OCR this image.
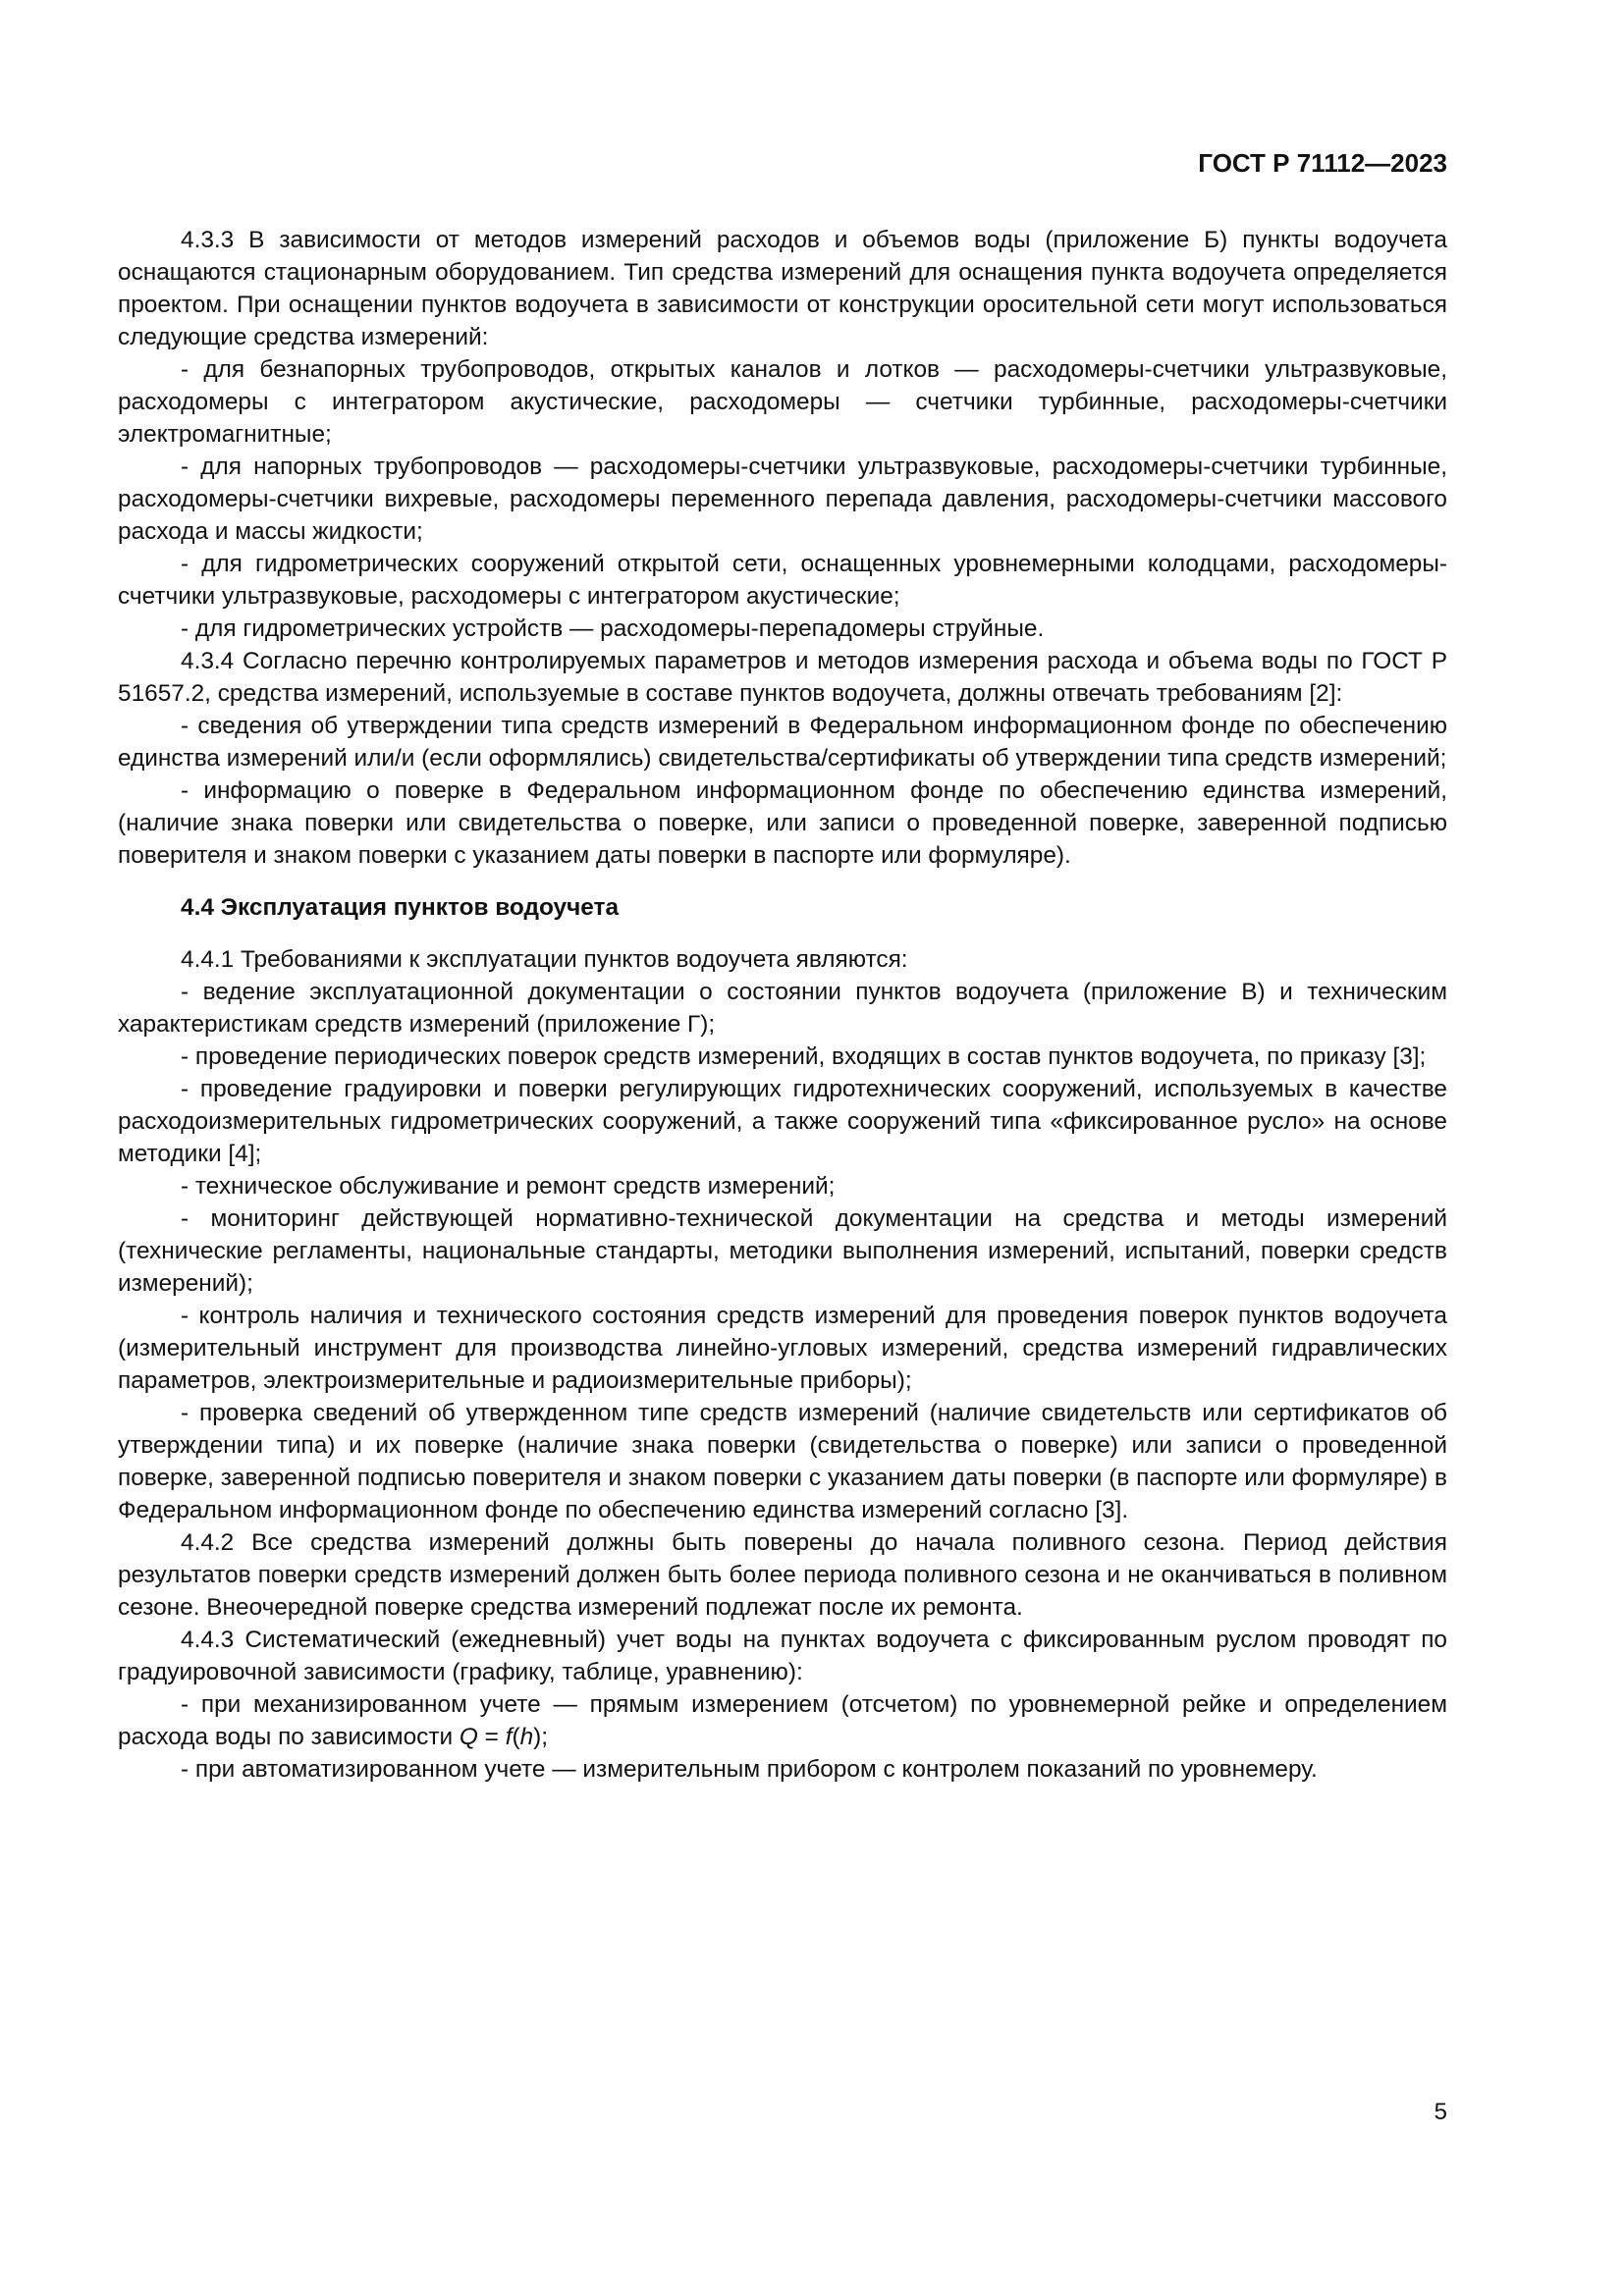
ГОСТ Р 71112—2023

4.3.3 В зависимости от методов измерений расходов и объемов воды (приложение Б) пункты водоучета оснащаются стационарным оборудованием. Тип средства измерений для оснащения пункта водоучета определяется проектом. При оснащении пунктов водоучета в зависимости от конструкции оросительной сети могут использоваться следующие средства измерений:

- для безнапорных трубопроводов, открытых каналов и лотков — расходомеры-счетчики ультразвуковые, расходомеры с интегратором акустические, расходомеры — счетчики турбинные, расходомеры-счетчики электромагнитные;

- для напорных трубопроводов — расходомеры-счетчики ультразвуковые, расходомеры-счетчики турбинные, расходомеры-счетчики вихревые, расходомеры переменного перепада давления, расходомеры-счетчики массового расхода и массы жидкости;

- для гидрометрических сооружений открытой сети, оснащенных уровнемерными колодцами, расходомеры-счетчики ультразвуковые, расходомеры с интегратором акустические;

- для гидрометрических устройств — расходомеры-перепадомеры струйные.

4.3.4 Согласно перечню контролируемых параметров и методов измерения расхода и объема воды по ГОСТ Р 51657.2, средства измерений, используемые в составе пунктов водоучета, должны отвечать требованиям [2]:

- сведения об утверждении типа средств измерений в Федеральном информационном фонде по обеспечению единства измерений или/и (если оформлялись) свидетельства/сертификаты об утверждении типа средств измерений;

- информацию о поверке в Федеральном информационном фонде по обеспечению единства измерений, (наличие знака поверки или свидетельства о поверке, или записи о проведенной поверке, заверенной подписью поверителя и знаком поверки с указанием даты поверки в паспорте или формуляре).

4.4 Эксплуатация пунктов водоучета

4.4.1 Требованиями к эксплуатации пунктов водоучета являются:

- ведение эксплуатационной документации о состоянии пунктов водоучета (приложение В) и техническим характеристикам средств измерений (приложение Г);

- проведение периодических поверок средств измерений, входящих в состав пунктов водоучета, по приказу [3];

- проведение градуировки и поверки регулирующих гидротехнических сооружений, используемых в качестве расходоизмерительных гидрометрических сооружений, а также сооружений типа «фиксированное русло» на основе методики [4];

- техническое обслуживание и ремонт средств измерений;

- мониторинг действующей нормативно-технической документации на средства и методы измерений (технические регламенты, национальные стандарты, методики выполнения измерений, испытаний, поверки средств измерений);

- контроль наличия и технического состояния средств измерений для проведения поверок пунктов водоучета (измерительный инструмент для производства линейно-угловых измерений, средства измерений гидравлических параметров, электроизмерительные и радиоизмерительные приборы);

- проверка сведений об утвержденном типе средств измерений (наличие свидетельств или сертификатов об утверждении типа) и их поверке (наличие знака поверки (свидетельства о поверке) или записи о проведенной поверке, заверенной подписью поверителя и знаком поверки с указанием даты поверки (в паспорте или формуляре) в Федеральном информационном фонде по обеспечению единства измерений согласно [3].

4.4.2 Все средства измерений должны быть поверены до начала поливного сезона. Период действия результатов поверки средств измерений должен быть более периода поливного сезона и не оканчиваться в поливном сезоне. Внеочередной поверке средства измерений подлежат после их ремонта.

4.4.3 Систематический (ежедневный) учет воды на пунктах водоучета с фиксированным руслом проводят по градуировочной зависимости (графику, таблице, уравнению):

- при механизированном учете — прямым измерением (отсчетом) по уровнемерной рейке и определением расхода воды по зависимости Q = f(h);

- при автоматизированном учете — измерительным прибором с контролем показаний по уровнемеру.

5
